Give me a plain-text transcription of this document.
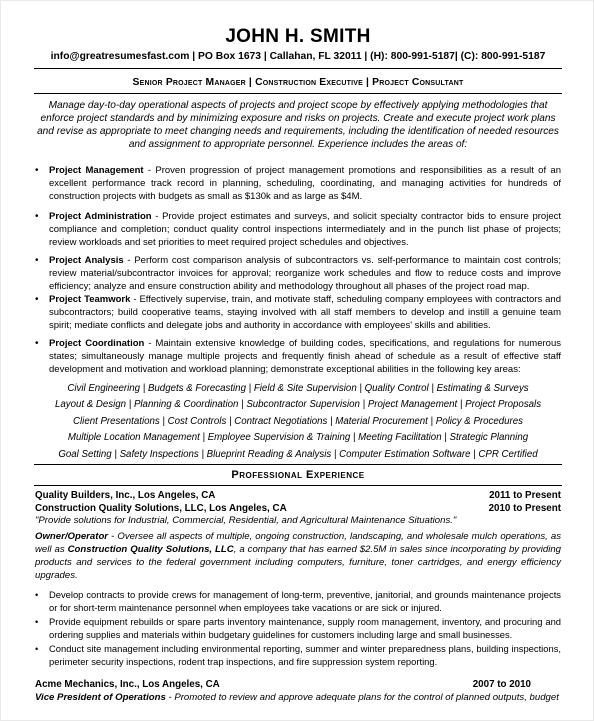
JOHN H. SMITH
info@greatresumesfast.com | PO Box 1673 | Callahan, FL 32011 | (H): 800-991-5187| (C): 800-991-5187
Senior Project Manager | Construction Executive | Project Consultant
Manage day-to-day operational aspects of projects and project scope by effectively applying methodologies that enforce project standards and by minimizing exposure and risks on projects. Create and execute project work plans and revise as appropriate to meet changing needs and requirements, including the identification of needed resources and assignment to appropriate personnel. Experience includes the areas of:
• Project Management - Proven progression of project management promotions and responsibilities as a result of an excellent performance track record in planning, scheduling, coordinating, and managing activities for hundreds of construction projects with budgets as small as $130k and as large as $4M.
• Project Administration - Provide project estimates and surveys, and solicit specialty contractor bids to ensure project compliance and completion; conduct quality control inspections intermediately and in the punch list phase of projects; review workloads and set priorities to meet required project schedules and objectives.
• Project Analysis - Perform cost comparison analysis of subcontractors vs. self-performance to maintain cost controls; review material/subcontractor invoices for approval; reorganize work schedules and flow to reduce costs and improve efficiency; analyze and ensure construction ability and methodology throughout all phases of the project road map.
• Project Teamwork - Effectively supervise, train, and motivate staff, scheduling company employees with contractors and subcontractors; build cooperative teams, staying involved with all staff members to develop and instill a genuine team spirit; mediate conflicts and delegate jobs and authority in accordance with employees' skills and abilities.
• Project Coordination - Maintain extensive knowledge of building codes, specifications, and regulations for numerous states; simultaneously manage multiple projects and frequently finish ahead of schedule as a result of effective staff development and motivation and workload planning; demonstrate exceptional abilities in the following key areas:
Civil Engineering | Budgets & Forecasting | Field & Site Supervision | Quality Control | Estimating & Surveys
Layout & Design | Planning & Coordination | Subcontractor Supervision | Project Management | Project Proposals
Client Presentations | Cost Controls | Contract Negotiations | Material Procurement | Policy & Procedures
Multiple Location Management | Employee Supervision & Training | Meeting Facilitation | Strategic Planning
Goal Setting | Safety Inspections | Blueprint Reading & Analysis | Computer Estimation Software | CPR Certified
Professional Experience
Quality Builders, Inc., Los Angeles, CA	2011 to Present
Construction Quality Solutions, LLC, Los Angeles, CA	2010 to Present
"Provide solutions for Industrial, Commercial, Residential, and Agricultural Maintenance Situations."
Owner/Operator - Oversee all aspects of multiple, ongoing construction, landscaping, and wholesale mulch operations, as well as Construction Quality Solutions, LLC, a company that has earned $2.5M in sales since incorporating by providing products and services to the federal government including computers, furniture, toner cartridges, and energy efficiency upgrades.
• Develop contracts to provide crews for management of long-term, preventive, janitorial, and grounds maintenance projects or for short-term maintenance personnel when employees take vacations or are sick or injured.
• Provide equipment rebuilds or spare parts inventory maintenance, supply room management, inventory, and procuring and ordering supplies and materials within budgetary guidelines for customers including large and small businesses.
• Conduct site management including environmental reporting, summer and winter preparedness plans, building inspections, perimeter security inspections, rodent trap inspections, and fire suppression system reporting.
Acme Mechanics, Inc., Los Angeles, CA	2007 to 2010
Vice President of Operations - Promoted to review and approve adequate plans for the control of planned outputs, budget
